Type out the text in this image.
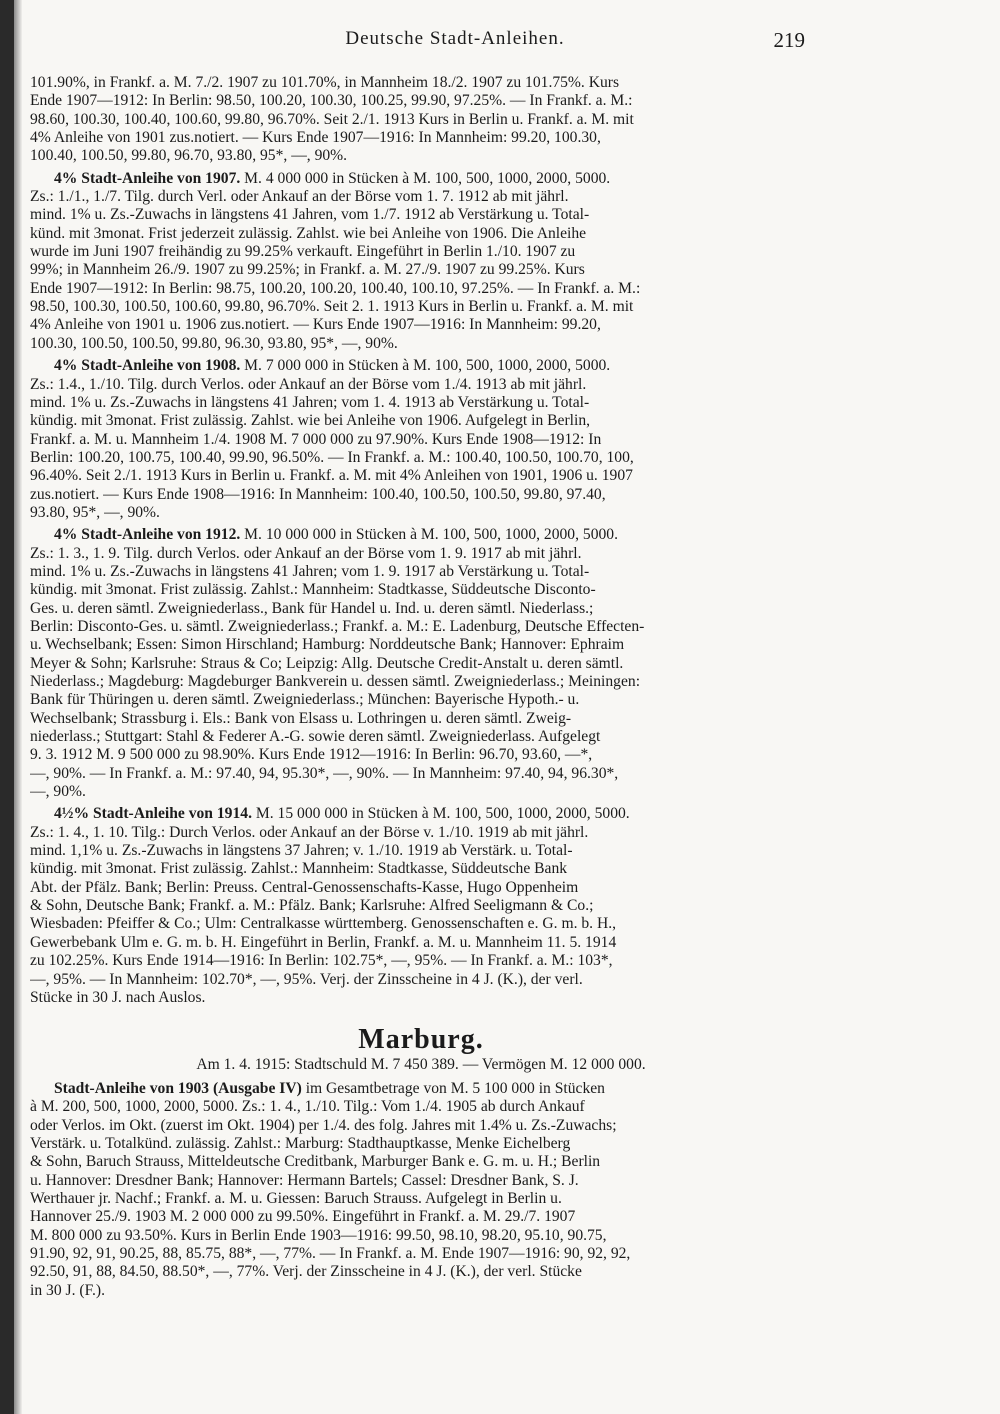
Deutsche Stadt-Anleihen.	219
101.90%, in Frankf. a. M. 7./2. 1907 zu 101.70%, in Mannheim 18./2. 1907 zu 101.75%. Kurs
Ende 1907—1912: In Berlin: 98.50, 100.20, 100.30, 100.25, 99.90, 97.25%. — In Frankf. a. M.:
98.60, 100.30, 100.40, 100.60, 99.80, 96.70%. Seit 2./1. 1913 Kurs in Berlin u. Frankf. a. M. mit
4% Anleihe von 1901 zus.notiert. — Kurs Ende 1907—1916: In Mannheim: 99.20, 100.30,
100.40, 100.50, 99.80, 96.70, 93.80, 95*, —, 90%.
4% Stadt-Anleihe von 1907. M. 4 000 000 in Stücken à M. 100, 500, 1000, 2000, 5000.
Zs.: 1./1., 1./7. Tilg. durch Verl. oder Ankauf an der Börse vom 1. 7. 1912 ab mit jährl.
mind. 1% u. Zs.-Zuwachs in längstens 41 Jahren, vom 1./7. 1912 ab Verstärkung u. Total-
künd. mit 3monat. Frist jederzeit zulässig. Zahlst. wie bei Anleihe von 1906. Die Anleihe
wurde im Juni 1907 freihändig zu 99.25% verkauft. Eingeführt in Berlin 1./10. 1907 zu
99%; in Mannheim 26./9. 1907 zu 99.25%; in Frankf. a. M. 27./9. 1907 zu 99.25%. Kurs
Ende 1907—1912: In Berlin: 98.75, 100.20, 100.20, 100.40, 100.10, 97.25%. — In Frankf. a. M.:
98.50, 100.30, 100.50, 100.60, 99.80, 96.70%. Seit 2. 1. 1913 Kurs in Berlin u. Frankf. a. M. mit
4% Anleihe von 1901 u. 1906 zus.notiert. — Kurs Ende 1907—1916: In Mannheim: 99.20,
100.30, 100.50, 100.50, 99.80, 96.30, 93.80, 95*, —, 90%.
4% Stadt-Anleihe von 1908. M. 7 000 000 in Stücken à M. 100, 500, 1000, 2000, 5000.
Zs.: 1.4., 1./10. Tilg. durch Verlos. oder Ankauf an der Börse vom 1./4. 1913 ab mit jährl.
mind. 1% u. Zs.-Zuwachs in längstens 41 Jahren; vom 1. 4. 1913 ab Verstärkung u. Total-
kündig. mit 3monat. Frist zulässig. Zahlst. wie bei Anleihe von 1906. Aufgelegt in Berlin,
Frankf. a. M. u. Mannheim 1./4. 1908 M. 7 000 000 zu 97.90%. Kurs Ende 1908—1912: In
Berlin: 100.20, 100.75, 100.40, 99.90, 96.50%. — In Frankf. a. M.: 100.40, 100.50, 100.70, 100,
96.40%. Seit 2./1. 1913 Kurs in Berlin u. Frankf. a. M. mit 4% Anleihen von 1901, 1906 u. 1907
zus.notiert. — Kurs Ende 1908—1916: In Mannheim: 100.40, 100.50, 100.50, 99.80, 97.40,
93.80, 95*, —, 90%.
4% Stadt-Anleihe von 1912. M. 10 000 000 in Stücken à M. 100, 500, 1000, 2000, 5000.
Zs.: 1. 3., 1. 9. Tilg. durch Verlos. oder Ankauf an der Börse vom 1. 9. 1917 ab mit jährl.
mind. 1% u. Zs.-Zuwachs in längstens 41 Jahren; vom 1. 9. 1917 ab Verstärkung u. Total-
kündig. mit 3monat. Frist zulässig. Zahlst.: Mannheim: Stadtkasse, Süddeutsche Disconto-
Ges. u. deren sämtl. Zweigniederlass., Bank für Handel u. Ind. u. deren sämtl. Niederlass.;
Berlin: Disconto-Ges. u. sämtl. Zweigniederlass.; Frankf. a. M.: E. Ladenburg, Deutsche Effecten-
u. Wechselbank; Essen: Simon Hirschland; Hamburg: Norddeutsche Bank; Hannover: Ephraim
Meyer & Sohn; Karlsruhe: Straus & Co; Leipzig: Allg. Deutsche Credit-Anstalt u. deren sämtl.
Niederlass.; Magdeburg: Magdeburger Bankverein u. dessen sämtl. Zweigniederlass.; Meiningen:
Bank für Thüringen u. deren sämtl. Zweigniederlass.; München: Bayerische Hypoth.- u.
Wechselbank; Strassburg i. Els.: Bank von Elsass u. Lothringen u. deren sämtl. Zweig-
niederlass.; Stuttgart: Stahl & Federer A.-G. sowie deren sämtl. Zweigniederlass. Aufgelegt
9. 3. 1912 M. 9 500 000 zu 98.90%. Kurs Ende 1912—1916: In Berlin: 96.70, 93.60, —*,
—, 90%. — In Frankf. a. M.: 97.40, 94, 95.30*, —, 90%. — In Mannheim: 97.40, 94, 96.30*,
—, 90%.
4½% Stadt-Anleihe von 1914. M. 15 000 000 in Stücken à M. 100, 500, 1000, 2000, 5000.
Zs.: 1. 4., 1. 10. Tilg.: Durch Verlos. oder Ankauf an der Börse v. 1./10. 1919 ab mit jährl.
mind. 1,1% u. Zs.-Zuwachs in längstens 37 Jahren; v. 1./10. 1919 ab Verstärk. u. Total-
kündig. mit 3monat. Frist zulässig. Zahlst.: Mannheim: Stadtkasse, Süddeutsche Bank
Abt. der Pfälz. Bank; Berlin: Preuss. Central-Genossenschafts-Kasse, Hugo Oppenheim
& Sohn, Deutsche Bank; Frankf. a. M.: Pfälz. Bank; Karlsruhe: Alfred Seeligmann & Co.;
Wiesbaden: Pfeiffer & Co.; Ulm: Centralkasse württemberg. Genossenschaften e. G. m. b. H.,
Gewerbebank Ulm e. G. m. b. H. Eingeführt in Berlin, Frankf. a. M. u. Mannheim 11. 5. 1914
zu 102.25%. Kurs Ende 1914—1916: In Berlin: 102.75*, —, 95%. — In Frankf. a. M.: 103*,
—, 95%. — In Mannheim: 102.70*, —, 95%. Verj. der Zinsscheine in 4 J. (K.), der verl.
Stücke in 30 J. nach Auslos.
Marburg.
Am 1. 4. 1915: Stadtschuld M. 7 450 389. — Vermögen M. 12 000 000.
Stadt-Anleihe von 1903 (Ausgabe IV) im Gesamtbetrage von M. 5 100 000 in Stücken
à M. 200, 500, 1000, 2000, 5000. Zs.: 1. 4., 1./10. Tilg.: Vom 1./4. 1905 ab durch Ankauf
oder Verlos. im Okt. (zuerst im Okt. 1904) per 1./4. des folg. Jahres mit 1.4% u. Zs.-Zuwachs;
Verstärk. u. Totalkünd. zulässig. Zahlst.: Marburg: Stadthauptkasse, Menke Eichelberg
& Sohn, Baruch Strauss, Mitteldeutsche Creditbank, Marburger Bank e. G. m. u. H.; Berlin
u. Hannover: Dresdner Bank; Hannover: Hermann Bartels; Cassel: Dresdner Bank, S. J.
Werthauer jr. Nachf.; Frankf. a. M. u. Giessen: Baruch Strauss. Aufgelegt in Berlin u.
Hannover 25./9. 1903 M. 2 000 000 zu 99.50%. Eingeführt in Frankf. a. M. 29./7. 1907
M. 800 000 zu 93.50%. Kurs in Berlin Ende 1903—1916: 99.50, 98.10, 98.20, 95.10, 90.75,
91.90, 92, 91, 90.25, 88, 85.75, 88*, —, 77%. — In Frankf. a. M. Ende 1907—1916: 90, 92, 92,
92.50, 91, 88, 84.50, 88.50*, —, 77%. Verj. der Zinsscheine in 4 J. (K.), der verl. Stücke
in 30 J. (F.).
